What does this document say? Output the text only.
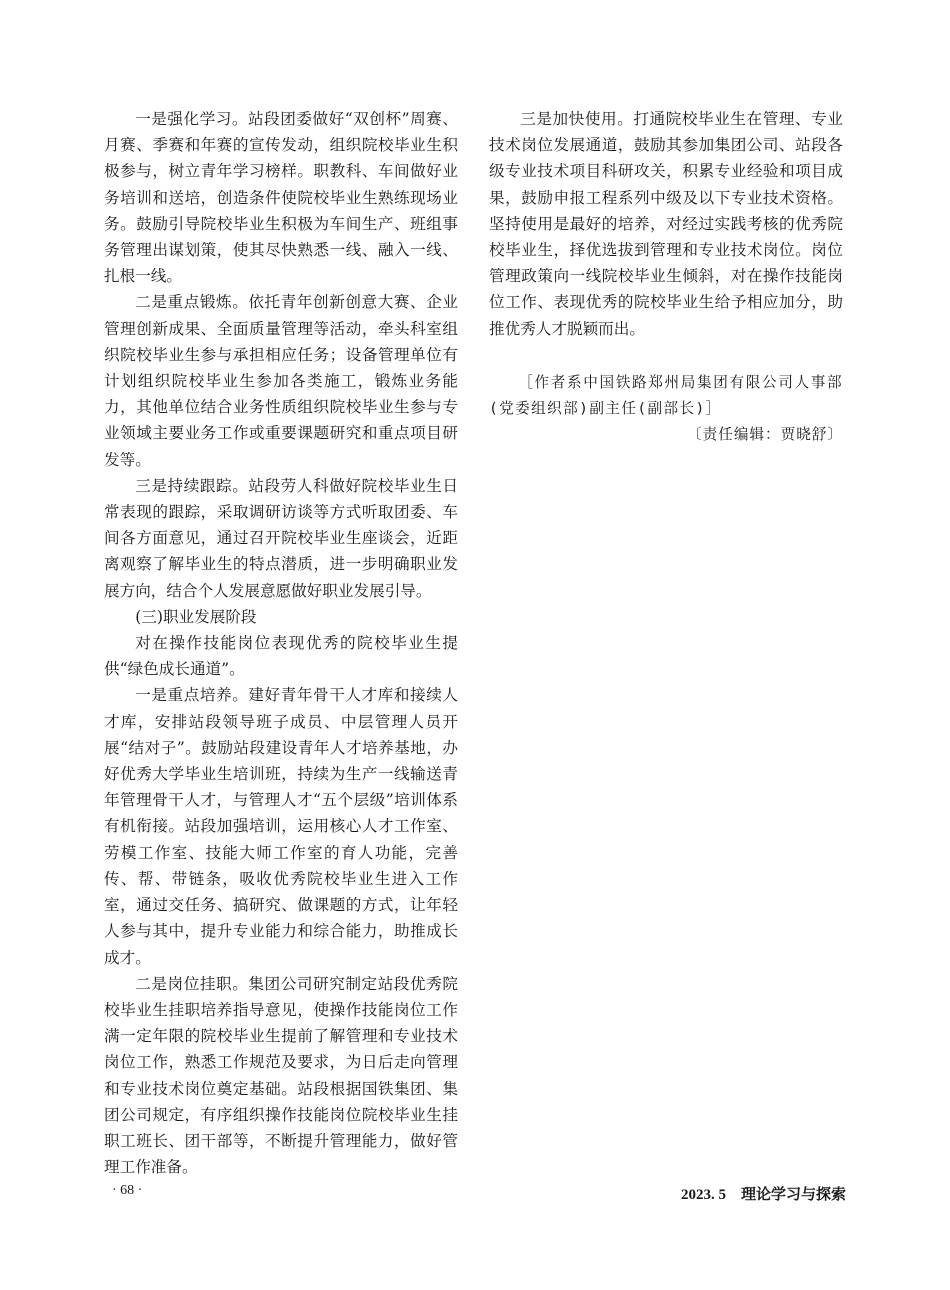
一是强化学习。站段团委做好“双创杯”周赛、月赛、季赛和年赛的宣传发动，组织院校毕业生积极参与，树立青年学习榜样。职教科、车间做好业务培训和送培，创造条件使院校毕业生熟练现场业务。鼓励引导院校毕业生积极为车间生产、班组事务管理出谋划策，使其尽快熟悉一线、融入一线、扎根一线。

二是重点锻炼。依托青年创新创意大赛、企业管理创新成果、全面质量管理等活动，牵头科室组织院校毕业生参与承担相应任务；设备管理单位有计划组织院校毕业生参加各类施工，锻炼业务能力，其他单位结合业务性质组织院校毕业生参与专业领域主要业务工作或重要课题研究和重点项目研发等。

三是持续跟踪。站段劳人科做好院校毕业生日常表现的跟踪，采取调研访谈等方式听取团委、车间各方面意见，通过召开院校毕业生座谈会，近距离观察了解毕业生的特点潜质，进一步明确职业发展方向，结合个人发展意愿做好职业发展引导。

(三)职业发展阶段

对在操作技能岗位表现优秀的院校毕业生提供“绿色成长通道”。

一是重点培养。建好青年骨干人才库和接续人才库，安排站段领导班子成员、中层管理人员开展“结对子”。鼓励站段建设青年人才培养基地，办好优秀大学毕业生培训班，持续为生产一线输送青年管理骨干人才，与管理人才“五个层级”培训体系有机衔接。站段加强培训，运用核心人才工作室、劳模工作室、技能大师工作室的育人功能，完善传、帮、带链条，吸收优秀院校毕业生进入工作室，通过交任务、搞研究、做课题的方式，让年轻人参与其中，提升专业能力和综合能力，助推成长成才。

二是岗位挂职。集团公司研究制定站段优秀院校毕业生挂职培养指导意见，使操作技能岗位工作满一定年限的院校毕业生提前了解管理和专业技术岗位工作，熟悉工作规范及要求，为日后走向管理和专业技术岗位奠定基础。站段根据国铁集团、集团公司规定，有序组织操作技能岗位院校毕业生挂职工班长、团干部等，不断提升管理能力，做好管理工作准备。

三是加快使用。打通院校毕业生在管理、专业技术岗位发展通道，鼓励其参加集团公司、站段各级专业技术项目科研攻关，积累专业经验和项目成果，鼓励申报工程系列中级及以下专业技术资格。坚持使用是最好的培养，对经过实践考核的优秀院校毕业生，择优选拔到管理和专业技术岗位。岗位管理政策向一线院校毕业生倾斜，对在操作技能岗位工作、表现优秀的院校毕业生给予相应加分，助推优秀人才脱颖而出。

［作者系中国铁路郑州局集团有限公司人事部(党委组织部)副主任(副部长)］

〔责任编辑：贾晓舒〕

· 68 ·	2023. 5　理论学习与探索
